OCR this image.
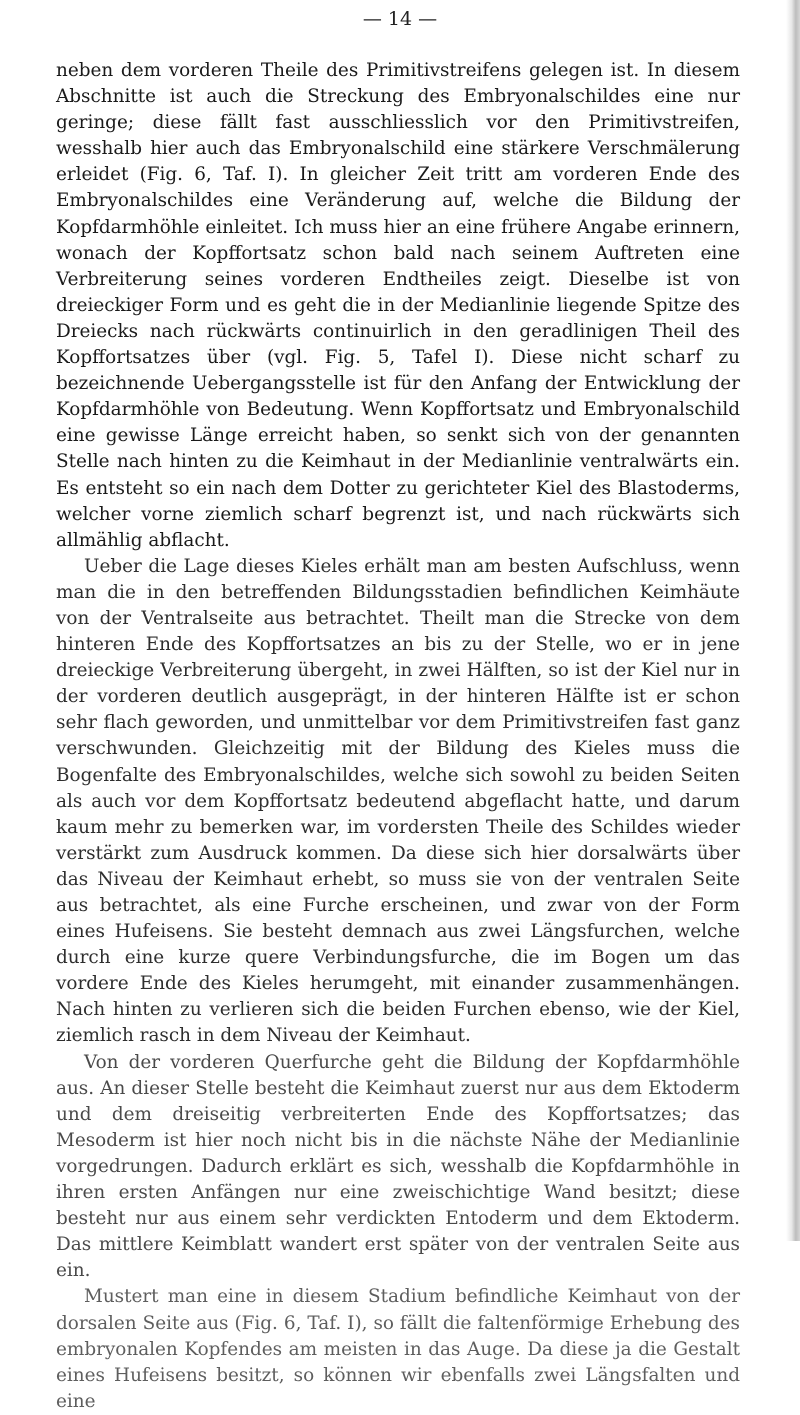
— 14 —

neben dem vorderen Theile des Primitivstreifens gelegen ist. In diesem Abschnitte ist auch die Streckung des Embryonalschildes eine nur geringe; diese fällt fast ausschliesslich vor den Primitivstreifen, wesshalb hier auch das Embryonalschild eine stärkere Verschmälerung erleidet (Fig. 6, Taf. I). In gleicher Zeit tritt am vorderen Ende des Embryonalschildes eine Veränderung auf, welche die Bildung der Kopfdarmhöhle einleitet. Ich muss hier an eine frühere Angabe erinnern, wonach der Kopffortsatz schon bald nach seinem Auftreten eine Verbreiterung seines vorderen Endtheiles zeigt. Dieselbe ist von dreieckiger Form und es geht die in der Medianlinie liegende Spitze des Dreiecks nach rückwärts continuirlich in den geradlinigen Theil des Kopffortsatzes über (vgl. Fig. 5, Tafel I). Diese nicht scharf zu bezeichnende Uebergangsstelle ist für den Anfang der Entwicklung der Kopfdarmhöhle von Bedeutung. Wenn Kopffortsatz und Embryonalschild eine gewisse Länge erreicht haben, so senkt sich von der genannten Stelle nach hinten zu die Keimhaut in der Medianlinie ventralwärts ein. Es entsteht so ein nach dem Dotter zu gerichteter Kiel des Blastoderms, welcher vorne ziemlich scharf begrenzt ist, und nach rückwärts sich allmählig abflacht.

Ueber die Lage dieses Kieles erhält man am besten Aufschluss, wenn man die in den betreffenden Bildungsstadien befindlichen Keimhäute von der Ventralseite aus betrachtet. Theilt man die Strecke von dem hinteren Ende des Kopffortsatzes an bis zu der Stelle, wo er in jene dreieckige Verbreiterung übergeht, in zwei Hälften, so ist der Kiel nur in der vorderen deutlich ausgeprägt, in der hinteren Hälfte ist er schon sehr flach geworden, und unmittelbar vor dem Primitivstreifen fast ganz verschwunden. Gleichzeitig mit der Bildung des Kieles muss die Bogenfalte des Embryonalschildes, welche sich sowohl zu beiden Seiten als auch vor dem Kopffortsatz bedeutend abgeflacht hatte, und darum kaum mehr zu bemerken war, im vordersten Theile des Schildes wieder verstärkt zum Ausdruck kommen. Da diese sich hier dorsalwärts über das Niveau der Keimhaut erhebt, so muss sie von der ventralen Seite aus betrachtet, als eine Furche erscheinen, und zwar von der Form eines Hufeisens. Sie besteht demnach aus zwei Längsfurchen, welche durch eine kurze quere Verbindungsfurche, die im Bogen um das vordere Ende des Kieles herumgeht, mit einander zusammenhängen. Nach hinten zu verlieren sich die beiden Furchen ebenso, wie der Kiel, ziemlich rasch in dem Niveau der Keimhaut.

Von der vorderen Querfurche geht die Bildung der Kopfdarmhöhle aus. An dieser Stelle besteht die Keimhaut zuerst nur aus dem Ektoderm und dem dreiseitig verbreiterten Ende des Kopffortsatzes; das Mesoderm ist hier noch nicht bis in die nächste Nähe der Medianlinie vorgedrungen. Dadurch erklärt es sich, wesshalb die Kopfdarmhöhle in ihren ersten Anfängen nur eine zweischichtige Wand besitzt; diese besteht nur aus einem sehr verdickten Entoderm und dem Ektoderm. Das mittlere Keimblatt wandert erst später von der ventralen Seite aus ein.

Mustert man eine in diesem Stadium befindliche Keimhaut von der dorsalen Seite aus (Fig. 6, Taf. I), so fällt die faltenförmige Erhebung des embryonalen Kopfendes am meisten in das Auge. Da diese ja die Gestalt eines Hufeisens besitzt, so können wir ebenfalls zwei Längsfalten und eine
